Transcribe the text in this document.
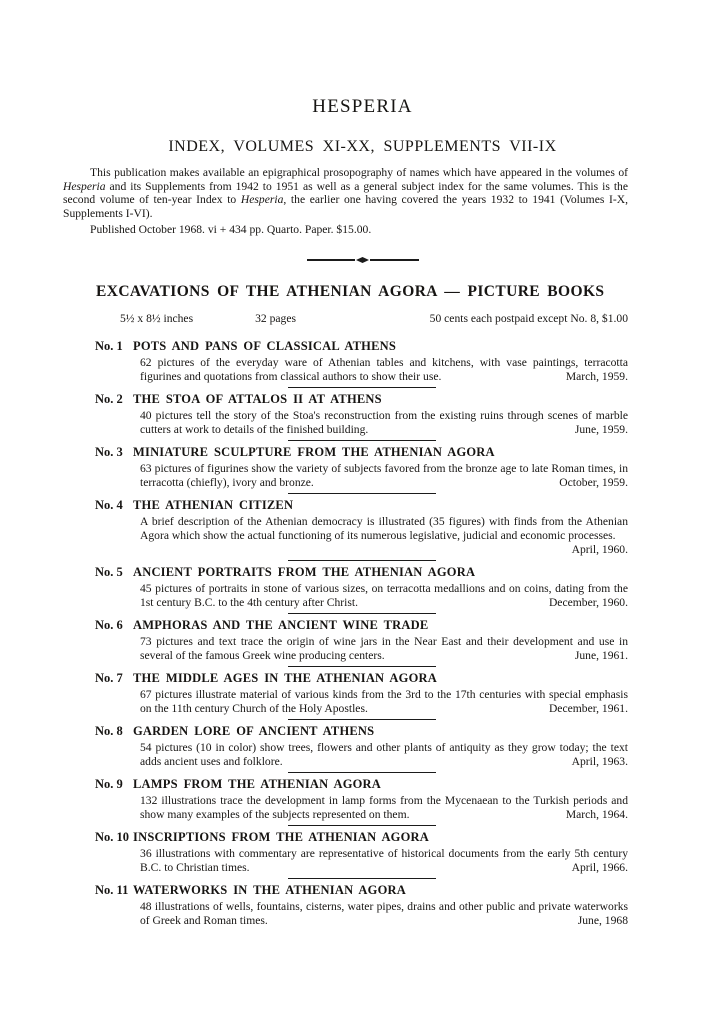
HESPERIA
INDEX, VOLUMES XI-XX, SUPPLEMENTS VII-IX

This publication makes available an epigraphical prosopography of names which have appeared in the volumes of Hesperia and its Supplements from 1942 to 1951 as well as a general subject index for the same volumes. This is the second volume of ten-year Index to Hesperia, the earlier one having covered the years 1932 to 1941 (Volumes I-X, Supplements I-VI).

Published October 1968. vi + 434 pp. Quarto. Paper. $15.00.

EXCAVATIONS OF THE ATHENIAN AGORA — PICTURE BOOKS
5½ x 8½ inches	32 pages	50 cents each postpaid except No. 8, $1.00
No. 1 POTS AND PANS OF CLASSICAL ATHENS

62 pictures of the everyday ware of Athenian tables and kitchens, with vase paintings, terracotta figurines and quotations from classical authors to show their use.	March, 1959.

No. 2 THE STOA OF ATTALOS II AT ATHENS

40 pictures tell the story of the Stoa's reconstruction from the existing ruins through scenes of marble cutters at work to details of the finished building.	June, 1959.

No. 3 MINIATURE SCULPTURE FROM THE ATHENIAN AGORA

63 pictures of figurines show the variety of subjects favored from the bronze age to late Roman times, in terracotta (chiefly), ivory and bronze.	October, 1959.

No. 4 THE ATHENIAN CITIZEN

A brief description of the Athenian democracy is illustrated (35 figures) with finds from the Athenian Agora which show the actual functioning of its numerous legislative, judicial and economic processes.
April, 1960.

No. 5 ANCIENT PORTRAITS FROM THE ATHENIAN AGORA

45 pictures of portraits in stone of various sizes, on terracotta medallions and on coins, dating from the 1st century B.C. to the 4th century after Christ.	December, 1960.

No. 6 AMPHORAS AND THE ANCIENT WINE TRADE

73 pictures and text trace the origin of wine jars in the Near East and their development and use in several of the famous Greek wine producing centers.	June, 1961.

No. 7 THE MIDDLE AGES IN THE ATHENIAN AGORA

67 pictures illustrate material of various kinds from the 3rd to the 17th centuries with special emphasis on the 11th century Church of the Holy Apostles.	December, 1961.

No. 8 GARDEN LORE OF ANCIENT ATHENS

54 pictures (10 in color) show trees, flowers and other plants of antiquity as they grow today; the text adds ancient uses and folklore.	April, 1963.

No. 9 LAMPS FROM THE ATHENIAN AGORA

132 illustrations trace the development in lamp forms from the Mycenaean to the Turkish periods and show many examples of the subjects represented on them.	March, 1964.

No. 10 INSCRIPTIONS FROM THE ATHENIAN AGORA

36 illustrations with commentary are representative of historical documents from the early 5th century B.C. to Christian times.	April, 1966.

No. 11 WATERWORKS IN THE ATHENIAN AGORA

48 illustrations of wells, fountains, cisterns, water pipes, drains and other public and private waterworks of Greek and Roman times.	June, 1968
